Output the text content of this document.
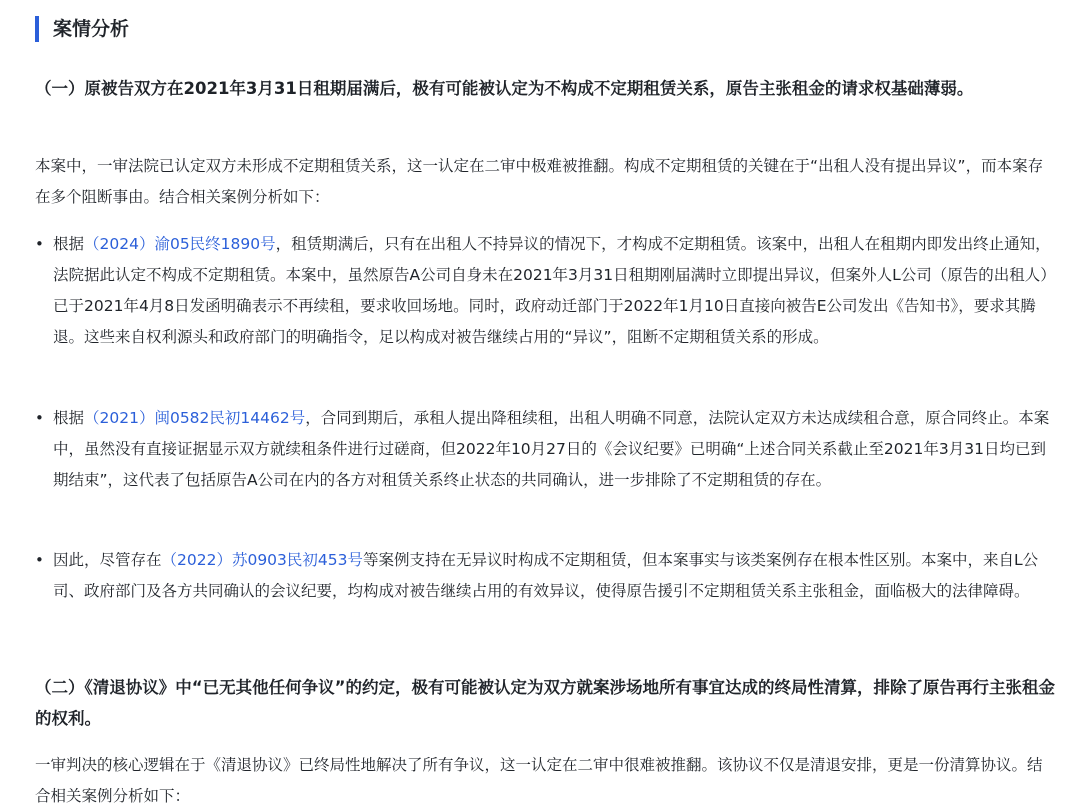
案情分析
（一）原被告双方在2021年3月31日租期届满后，极有可能被认定为不构成不定期租赁关系，原告主张租金的请求权基础薄弱。
本案中，一审法院已认定双方未形成不定期租赁关系，这一认定在二审中极难被推翻。构成不定期租赁的关键在于“出租人没有提出异议”，而本案存在多个阻断事由。结合相关案例分析如下：
• 根据（2024）渝05民终1890号，租赁期满后，只有在出租人不持异议的情况下，才构成不定期租赁。该案中，出租人在租期内即发出终止通知，法院据此认定不构成不定期租赁。本案中，虽然原告A公司自身未在2021年3月31日租期刚届满时立即提出异议，但案外人L公司（原告的出租人）已于2021年4月8日发函明确表示不再续租，要求收回场地。同时，政府动迁部门于2022年1月10日直接向被告E公司发出《告知书》，要求其腾退。这些来自权利源头和政府部门的明确指令，足以构成对被告继续占用的“异议”，阻断不定期租赁关系的形成。
• 根据（2021）闽0582民初14462号，合同到期后，承租人提出降租续租，出租人明确不同意，法院认定双方未达成续租合意，原合同终止。本案中，虽然没有直接证据显示双方就续租条件进行过磋商，但2022年10月27日的《会议纪要》已明确“上述合同关系截止至2021年3月31日均已到期结束”，这代表了包括原告A公司在内的各方对租赁关系终止状态的共同确认，进一步排除了不定期租赁的存在。
• 因此，尽管存在（2022）苏0903民初453号等案例支持在无异议时构成不定期租赁，但本案事实与该类案例存在根本性区别。本案中，来自L公司、政府部门及各方共同确认的会议纪要，均构成对被告继续占用的有效异议，使得原告援引不定期租赁关系主张租金，面临极大的法律障碍。
（二）《清退协议》中“已无其他任何争议”的约定，极有可能被认定为双方就案涉场地所有事宜达成的终局性清算，排除了原告再行主张租金的权利。
一审判决的核心逻辑在于《清退协议》已终局性地解决了所有争议，这一认定在二审中很难被推翻。该协议不仅是清退安排，更是一份清算协议。结合相关案例分析如下：
